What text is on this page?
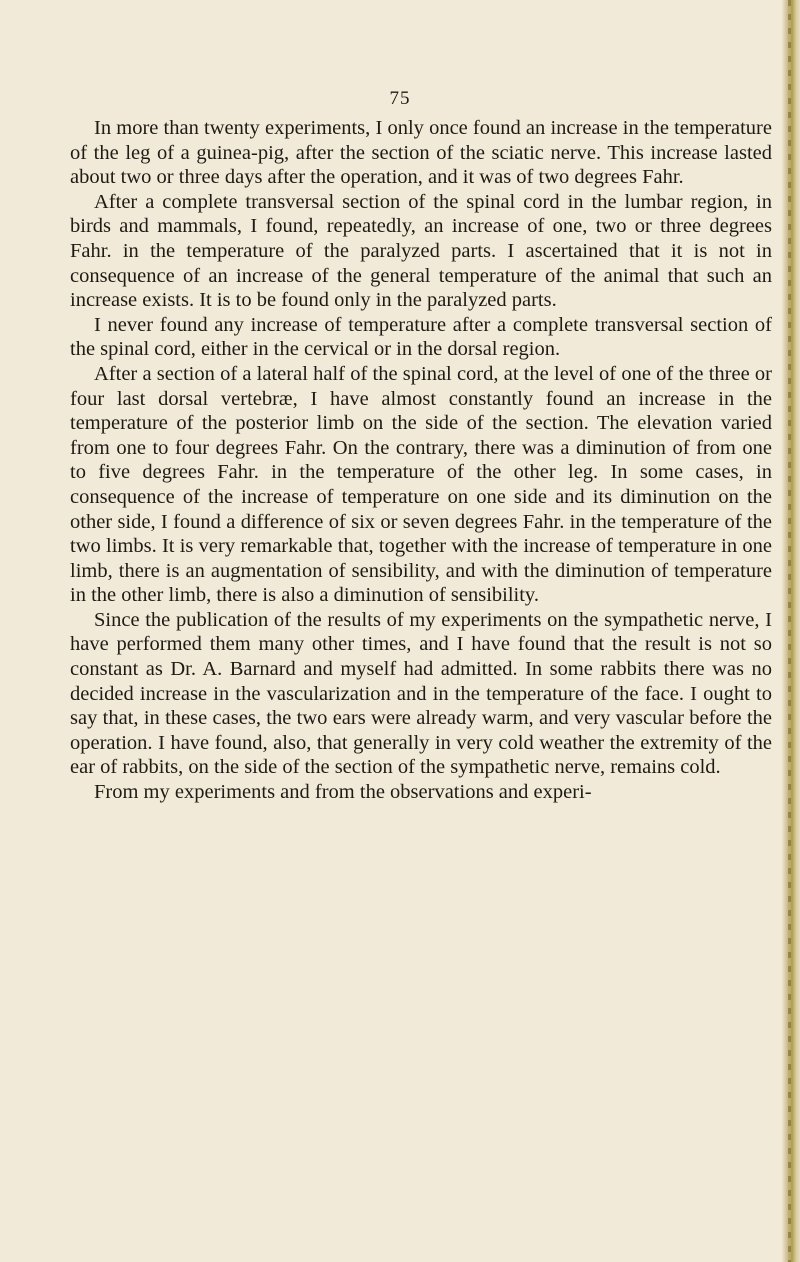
75

In more than twenty experiments, I only once found an increase in the temperature of the leg of a guinea-pig, after the section of the sciatic nerve. This increase lasted about two or three days after the operation, and it was of two degrees Fahr.

After a complete transversal section of the spinal cord in the lumbar region, in birds and mammals, I found, repeatedly, an increase of one, two or three degrees Fahr. in the temperature of the paralyzed parts. I ascertained that it is not in consequence of an increase of the general temperature of the animal that such an increase exists. It is to be found only in the paralyzed parts.

I never found any increase of temperature after a complete transversal section of the spinal cord, either in the cervical or in the dorsal region.

After a section of a lateral half of the spinal cord, at the level of one of the three or four last dorsal vertebræ, I have almost constantly found an increase in the temperature of the posterior limb on the side of the section. The elevation varied from one to four degrees Fahr. On the contrary, there was a diminution of from one to five degrees Fahr. in the temperature of the other leg. In some cases, in consequence of the increase of temperature on one side and its diminution on the other side, I found a difference of six or seven degrees Fahr. in the temperature of the two limbs. It is very remarkable that, together with the increase of temperature in one limb, there is an augmentation of sensibility, and with the diminution of temperature in the other limb, there is also a diminution of sensibility.

Since the publication of the results of my experiments on the sympathetic nerve, I have performed them many other times, and I have found that the result is not so constant as Dr. A. Barnard and myself had admitted. In some rabbits there was no decided increase in the vascularization and in the temperature of the face. I ought to say that, in these cases, the two ears were already warm, and very vascular before the operation. I have found, also, that generally in very cold weather the extremity of the ear of rabbits, on the side of the section of the sympathetic nerve, remains cold.

From my experiments and from the observations and experi-
